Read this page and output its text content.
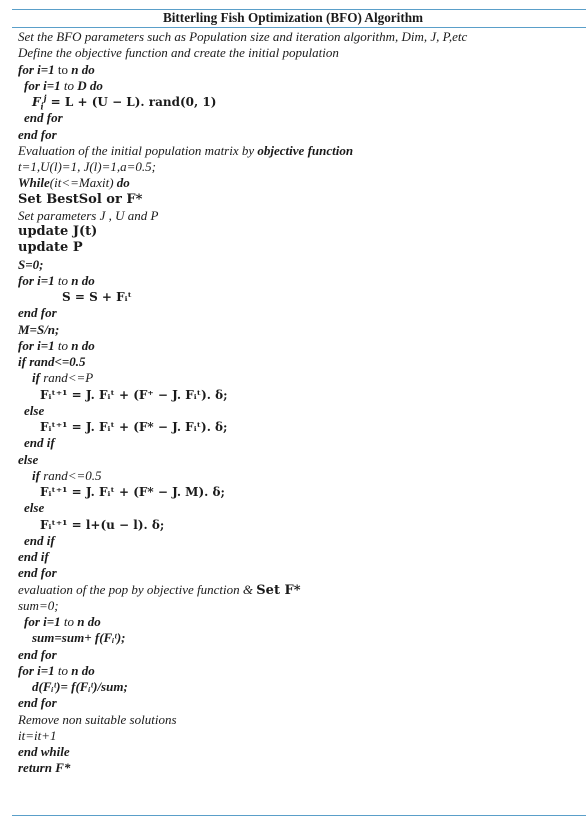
Bitterling Fish Optimization (BFO) Algorithm
Set the BFO parameters such as Population size and iteration algorithm, Dim, J, P,etc
Define the objective function and create the initial population
for i=1 to n do
for i=1 to D do
$F_i^j = L + (U - L)$. rand(0, 1)
end for
end for
Evaluation of the initial population matrix by objective function
t=1,U(l)=1, J(l)=1,a=0.5;
While(it<=Maxit) do
Set BestSol or F*
Set parameters J , U and P
update J(t)
update P
S=0;
for i=1 to n do
S = S + Fᵢᵗ
end for
M=S/n;
for i=1 to n do
if rand<=0.5
if rand<=P
Fᵢᵗ⁺¹ = J. Fᵢᵗ + (F⁺ − J. Fᵢᵗ). δ;
else
Fᵢᵗ⁺¹ = J. Fᵢᵗ + (F* − J. Fᵢᵗ). δ;
end if
else
if rand<=0.5
Fᵢᵗ⁺¹ = J. Fᵢᵗ + (F* − J. M). δ;
else
Fᵢᵗ⁺¹ = l+(u − l). δ;
end if
end if
end for
evaluation of the pop by objective function & Set F*
sum=0;
for i=1 to n do
sum=sum+ f(Fᵢᵗ);
end for
for i=1 to n do
d(Fᵢᵗ)= f(Fᵢᵗ)/sum;
end for
Remove non suitable solutions
it=it+1
end while
return F*
